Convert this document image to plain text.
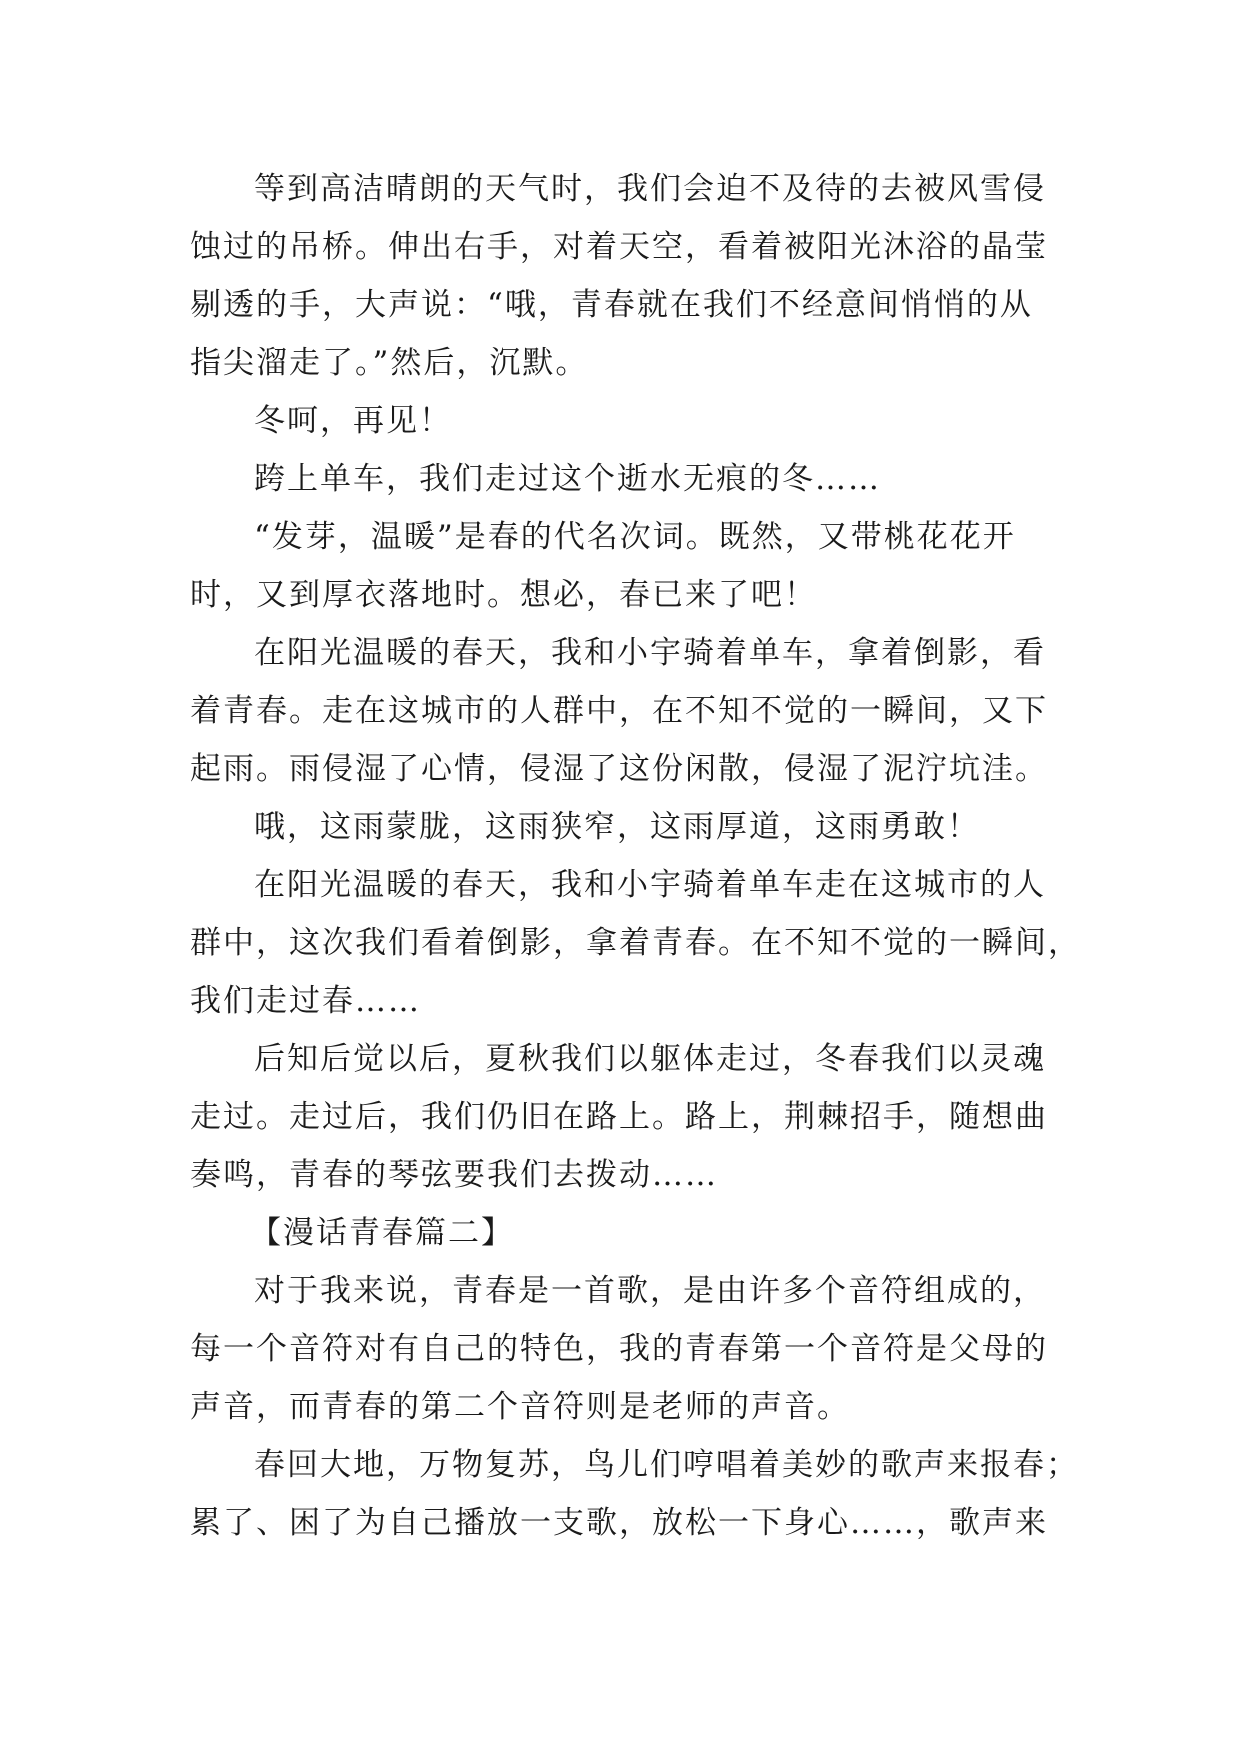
等到高洁晴朗的天气时，我们会迫不及待的去被风雪侵
蚀过的吊桥。伸出右手，对着天空，看着被阳光沐浴的晶莹
剔透的手，大声说：“哦，青春就在我们不经意间悄悄的从
指尖溜走了。”然后，沉默。

冬呵，再见！

跨上单车，我们走过这个逝水无痕的冬……

“发芽，温暖”是春的代名次词。既然，又带桃花花开
时，又到厚衣落地时。想必，春已来了吧！

在阳光温暖的春天，我和小宇骑着单车，拿着倒影，看
着青春。走在这城市的人群中，在不知不觉的一瞬间，又下
起雨。雨侵湿了心情，侵湿了这份闲散，侵湿了泥泞坑洼。

哦，这雨蒙胧，这雨狭窄，这雨厚道，这雨勇敢！

在阳光温暖的春天，我和小宇骑着单车走在这城市的人
群中，这次我们看着倒影，拿着青春。在不知不觉的一瞬间，
我们走过春……

后知后觉以后，夏秋我们以躯体走过，冬春我们以灵魂
走过。走过后，我们仍旧在路上。路上，荆棘招手，随想曲
奏鸣，青春的琴弦要我们去拨动……

【漫话青春篇二】

对于我来说，青春是一首歌，是由许多个音符组成的，
每一个音符对有自己的特色，我的青春第一个音符是父母的
声音，而青春的第二个音符则是老师的声音。

春回大地，万物复苏，鸟儿们哼唱着美妙的歌声来报春；
累了、困了为自己播放一支歌，放松一下身心……，歌声来
